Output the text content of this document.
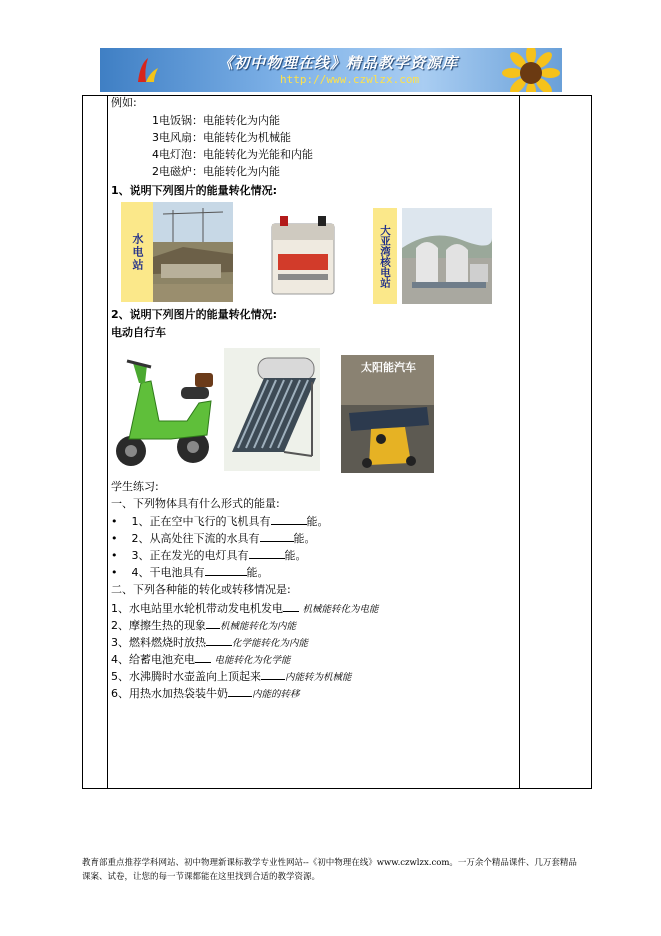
《初中物理在线》精品教学资源库
http://www.czwlzx.com
例如:
1电饭锅：电能转化为内能
3电风扇：电能转化为机械能
4电灯泡：电能转化为光能和内能
2电磁炉：电能转化为内能
1、说明下列图片的能量转化情况:
水电站	大亚湾核电站
2、说明下列图片的能量转化情况:
电动自行车
太阳能汽车
学生练习:
一、下列物体具有什么形式的能量:
• 1、正在空中飞行的飞机具有	能。
• 2、从高处往下流的水具有	能。
• 3、正在发光的电灯具有	能。
• 4、干电池具有	能。
二、下列各种能的转化或转移情况是:
1、水电站里水轮机带动发电机发电 机械能转化为电能
2、摩擦生热的现象 机械能转化为内能
3、燃料燃烧时放热	化学能转化为内能
4、给蓄电池充电 电能转化为化学能
5、水沸腾时水壶盖向上顶起来	内能转为机械能
6、用热水加热袋装牛奶	内能的转移
教育部重点推荐学科网站、初中物理新课标教学专业性网站--《初中物理在线》www.czwlzx.com。一万余个精品课件、几万套精品课案、试卷，让您的每一节课都能在这里找到合适的教学资源。
